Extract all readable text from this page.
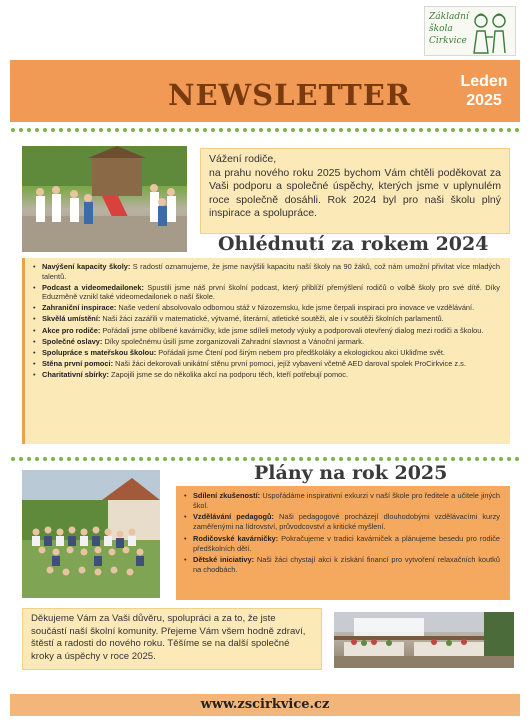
Základní
škola
Cirkvice
NEWSLETTER	Leden
2025

Vážení rodiče,

na prahu nového roku 2025 bychom Vám chtěli poděkovat za Vaši podporu a společné úspěchy, kterých jsme v uplynulém roce společně dosáhli. Rok 2024 byl pro naši školu plný inspirace a spolupráce.

Ohlédnutí za rokem 2024
• Navýšení kapacity školy: S radostí oznamujeme, že jsme navýšili kapacitu naší školy na 90 žáků, což nám umožní přivítat více mladých talentů.
• Podcast a videomedailonek: Spustili jsme náš první školní podcast, který přiblíží přemýšlení rodičů o volbě školy pro své dítě. Díky Eduzměně vznikl také videomedailonek o naší škole.
• Zahraniční inspirace: Naše vedení absolvovalo odbornou stáž v Nizozemsku, kde jsme čerpali inspiraci pro inovace ve vzdělávání.
• Skvělá umístění: Naši žáci zazářili v matematické, výtvarné, literární, atletické soutěži, ale i v soutěži školních parlamentů.
• Akce pro rodiče: Pořádali jsme oblíbené kavárničky, kde jsme sdíleli metody výuky a podporovali otevřený dialog mezi rodiči a školou.
• Společné oslavy: Díky společnému úsilí jsme zorganizovali Zahradní slavnost a Vánoční jarmark.
• Spolupráce s mateřskou školou: Pořádali jsme Čtení pod širým nebem pro předškoláky a ekologickou akci Ukliďme svět.
• Stěna první pomoci: Naši žáci dekorovali unikátní stěnu první pomoci, jejíž vybavení včetně AED daroval spolek ProCirkvice z.s.
• Charitativní sbírky: Zapojili jsme se do několika akcí na podporu těch, kteří potřebují pomoc.
Plány na rok 2025
• Sdílení zkušeností: Uspořádáme inspirativní exkurzi v naší škole pro ředitele a učitele jiných škol.
• Vzdělávání pedagogů: Naši pedagogové procházejí dlouhodobými vzdělávacími kurzy zaměřenými na lídrovství, průvodcovství a kritické myšlení.
• Rodičovské kavárničky: Pokračujeme v tradici kavárniček a plánujeme besedu pro rodiče předškolních dětí.
• Dětské iniciativy: Naši žáci chystají akci k získání financí pro vytvoření relaxačních koutků na chodbách.

Děkujeme Vám za Vaši důvěru, spolupráci a za to, že jste součástí naší školní komunity. Přejeme Vám všem hodně zdraví, štěstí a radosti do nového roku. Těšíme se na další společné kroky a úspěchy v roce 2025.

www.zscirkvice.cz
